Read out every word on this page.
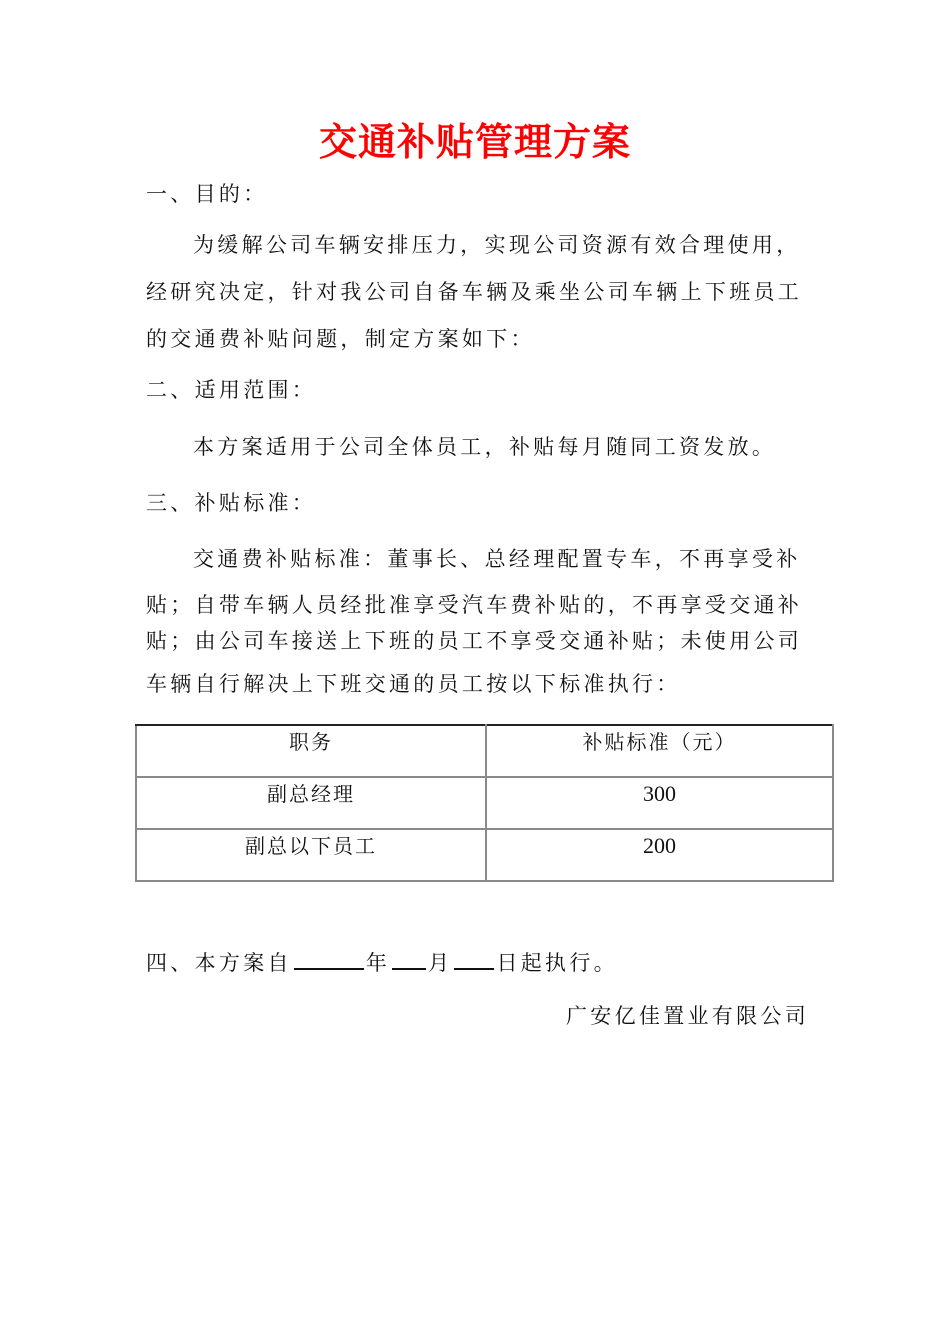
交通补贴管理方案
一、目的：
为缓解公司车辆安排压力，实现公司资源有效合理使用，
经研究决定，针对我公司自备车辆及乘坐公司车辆上下班员工
的交通费补贴问题，制定方案如下：
二、适用范围：
本方案适用于公司全体员工，补贴每月随同工资发放。
三、补贴标准：
交通费补贴标准：董事长、总经理配置专车，不再享受补
贴；自带车辆人员经批准享受汽车费补贴的，不再享受交通补
贴；由公司车接送上下班的员工不享受交通补贴；未使用公司
车辆自行解决上下班交通的员工按以下标准执行：
职务	补贴标准（元）
副总经理	300
副总以下员工	200
四、本方案自	年 月 日起执行。
广安亿佳置业有限公司
